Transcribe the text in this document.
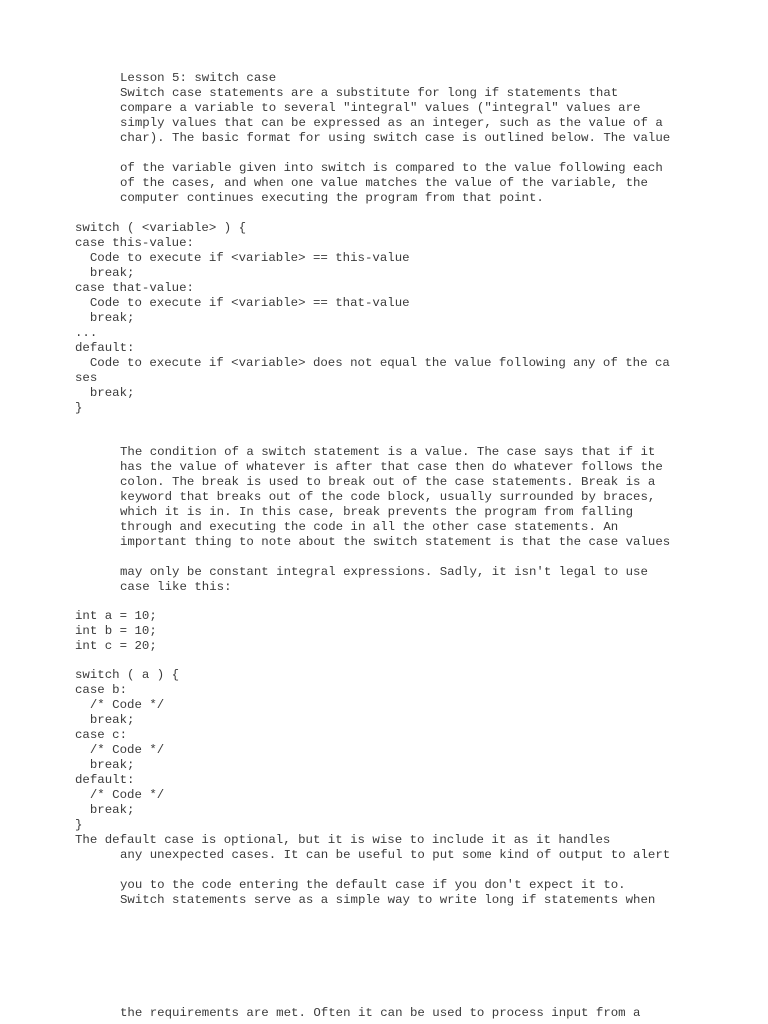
Lesson 5: switch case
Switch case statements are a substitute for long if statements that
compare a variable to several "integral" values ("integral" values are
simply values that can be expressed as an integer, such as the value of a
char). The basic format for using switch case is outlined below. The value
of the variable given into switch is compared to the value following each
of the cases, and when one value matches the value of the variable, the
computer continues executing the program from that point.
switch ( <variable> ) {
case this-value:
Code to execute if <variable> == this-value
break;
case that-value:
Code to execute if <variable> == that-value
break;
...
default:
Code to execute if <variable> does not equal the value following any of the ca
ses
break;
}
The condition of a switch statement is a value. The case says that if it
has the value of whatever is after that case then do whatever follows the
colon. The break is used to break out of the case statements. Break is a
keyword that breaks out of the code block, usually surrounded by braces,
which it is in. In this case, break prevents the program from falling
through and executing the code in all the other case statements. An
important thing to note about the switch statement is that the case values
may only be constant integral expressions. Sadly, it isn't legal to use
case like this:
int a = 10;
int b = 10;
int c = 20;
switch ( a ) {
case b:
/* Code */
break;
case c:
/* Code */
break;
default:
/* Code */
break;
}
The default case is optional, but it is wise to include it as it handles
any unexpected cases. It can be useful to put some kind of output to alert
you to the code entering the default case if you don't expect it to.
Switch statements serve as a simple way to write long if statements when
the requirements are met. Often it can be used to process input from a
